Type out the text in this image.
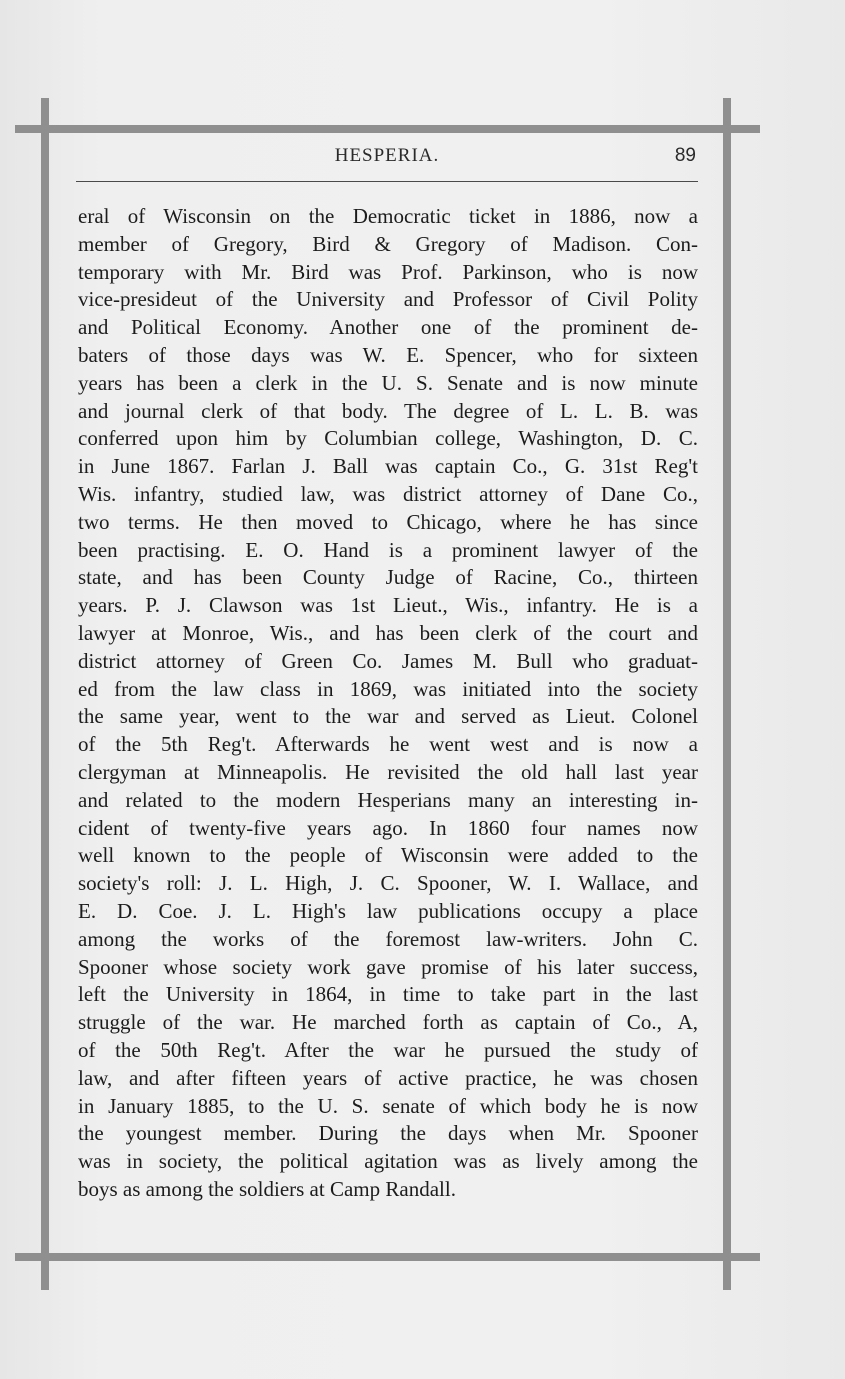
HESPERIA.	89
eral of Wisconsin on the Democratic ticket in 1886, now a
member of Gregory, Bird & Gregory of Madison. Con-
temporary with Mr. Bird was Prof. Parkinson, who is now
vice-presideut of the University and Professor of Civil Polity
and Political Economy. Another one of the prominent de-
baters of those days was W. E. Spencer, who for sixteen
years has been a clerk in the U. S. Senate and is now minute
and journal clerk of that body. The degree of L. L. B. was
conferred upon him by Columbian college, Washington, D. C.
in June 1867. Farlan J. Ball was captain Co., G. 31st Reg't
Wis. infantry, studied law, was district attorney of Dane Co.,
two terms. He then moved to Chicago, where he has since
been practising. E. O. Hand is a prominent lawyer of the
state, and has been County Judge of Racine, Co., thirteen
years. P. J. Clawson was 1st Lieut., Wis., infantry. He is a
lawyer at Monroe, Wis., and has been clerk of the court and
district attorney of Green Co. James M. Bull who graduat-
ed from the law class in 1869, was initiated into the society
the same year, went to the war and served as Lieut. Colonel
of the 5th Reg't. Afterwards he went west and is now a
clergyman at Minneapolis. He revisited the old hall last year
and related to the modern Hesperians many an interesting in-
cident of twenty-five years ago. In 1860 four names now
well known to the people of Wisconsin were added to the
society's roll: J. L. High, J. C. Spooner, W. I. Wallace, and
E. D. Coe. J. L. High's law publications occupy a place
among the works of the foremost law-writers. John C.
Spooner whose society work gave promise of his later success,
left the University in 1864, in time to take part in the last
struggle of the war. He marched forth as captain of Co., A,
of the 50th Reg't. After the war he pursued the study of
law, and after fifteen years of active practice, he was chosen
in January 1885, to the U. S. senate of which body he is now
the youngest member. During the days when Mr. Spooner
was in society, the political agitation was as lively among the
boys as among the soldiers at Camp Randall.
